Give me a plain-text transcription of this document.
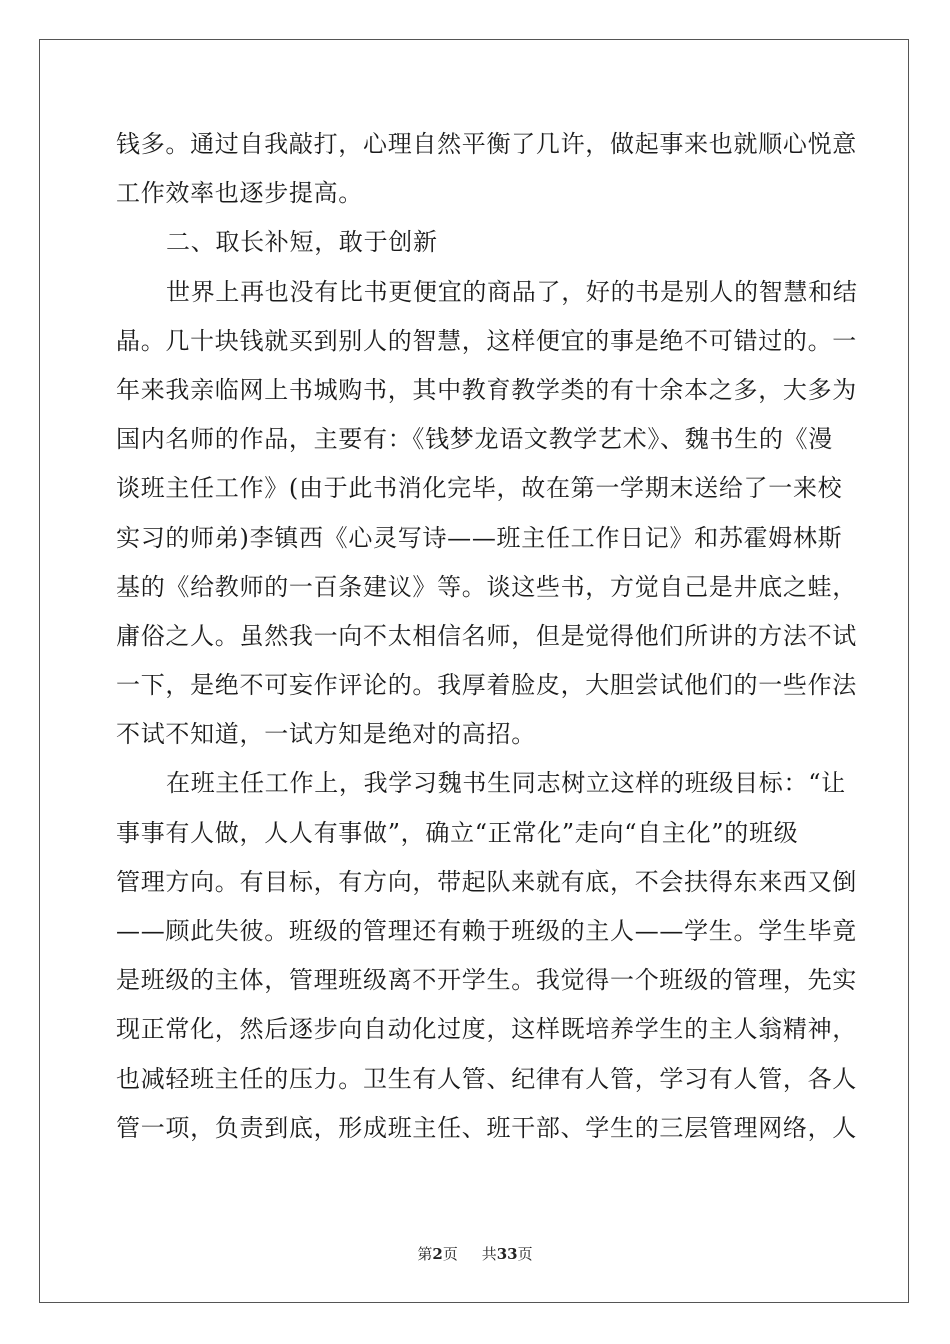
钱多。通过自我敲打，心理自然平衡了几许，做起事来也就顺心悦意
工作效率也逐步提高。
二、取长补短，敢于创新
世界上再也没有比书更便宜的商品了，好的书是别人的智慧和结
晶。几十块钱就买到别人的智慧，这样便宜的事是绝不可错过的。一
年来我亲临网上书城购书，其中教育教学类的有十余本之多，大多为
国内名师的作品，主要有：《钱梦龙语文教学艺术》、魏书生的《漫
谈班主任工作》(由于此书消化完毕，故在第一学期末送给了一来校
实习的师弟)李镇西《心灵写诗——班主任工作日记》和苏霍姆林斯
基的《给教师的一百条建议》等。谈这些书，方觉自己是井底之蛙，
庸俗之人。虽然我一向不太相信名师，但是觉得他们所讲的方法不试
一下，是绝不可妄作评论的。我厚着脸皮，大胆尝试他们的一些作法
不试不知道，一试方知是绝对的高招。
在班主任工作上，我学习魏书生同志树立这样的班级目标：“让
事事有人做，人人有事做”，确立“正常化”走向“自主化”的班级
管理方向。有目标，有方向，带起队来就有底，不会扶得东来西又倒
——顾此失彼。班级的管理还有赖于班级的主人——学生。学生毕竟
是班级的主体，管理班级离不开学生。我觉得一个班级的管理，先实
现正常化，然后逐步向自动化过度，这样既培养学生的主人翁精神，
也减轻班主任的压力。卫生有人管、纪律有人管，学习有人管，各人
管一项，负责到底，形成班主任、班干部、学生的三层管理网络，人
第2页 共33页
